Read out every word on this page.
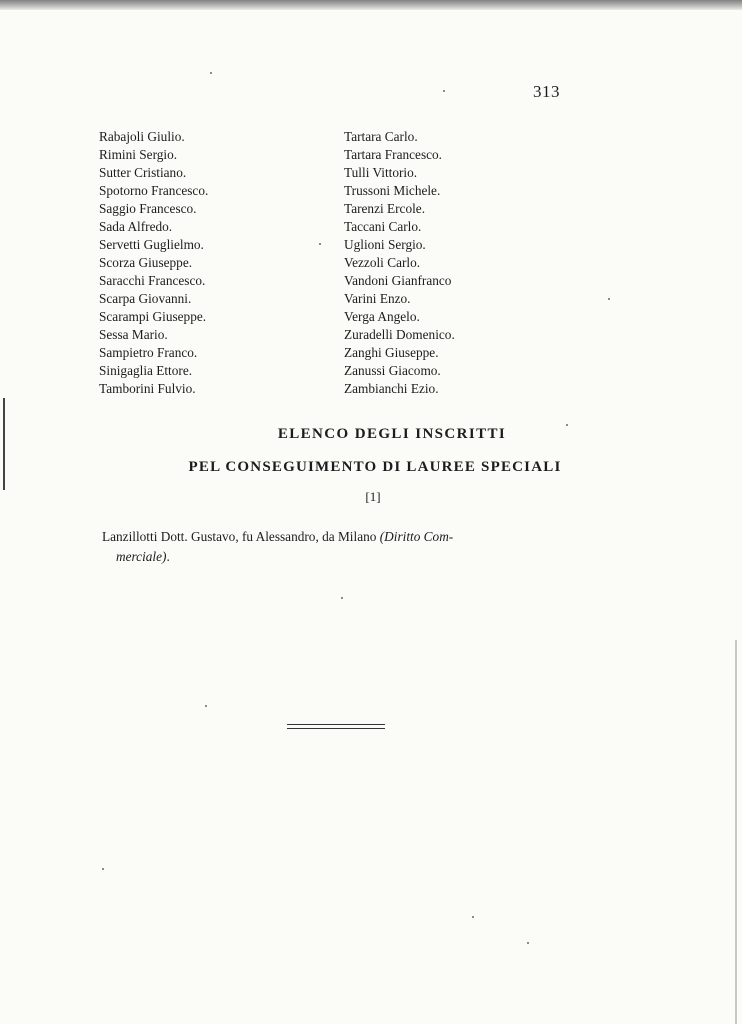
313
Rabajoli Giulio.
Rimini Sergio.
Sutter Cristiano.
Spotorno Francesco.
Saggio Francesco.
Sada Alfredo.
Servetti Guglielmo.
Scorza Giuseppe.
Saracchi Francesco.
Scarpa Giovanni.
Scarampi Giuseppe.
Sessa Mario.
Sampietro Franco.
Sinigaglia Ettore.
Tamborini Fulvio.
Tartara Carlo.
Tartara Francesco.
Tulli Vittorio.
Trussoni Michele.
Tarenzi Ercole.
Taccani Carlo.
Uglioni Sergio.
Vezzoli Carlo.
Vandoni Gianfranco
Varini Enzo.
Verga Angelo.
Zuradelli Domenico.
Zanghi Giuseppe.
Zanussi Giacomo.
Zambianchi Ezio.
ELENCO DEGLI INSCRITTI
PEL CONSEGUIMENTO DI LAUREE SPECIALI
[1]

Lanzillotti Dott. Gustavo, fu Alessandro, da Milano (Diritto Com-
merciale).
